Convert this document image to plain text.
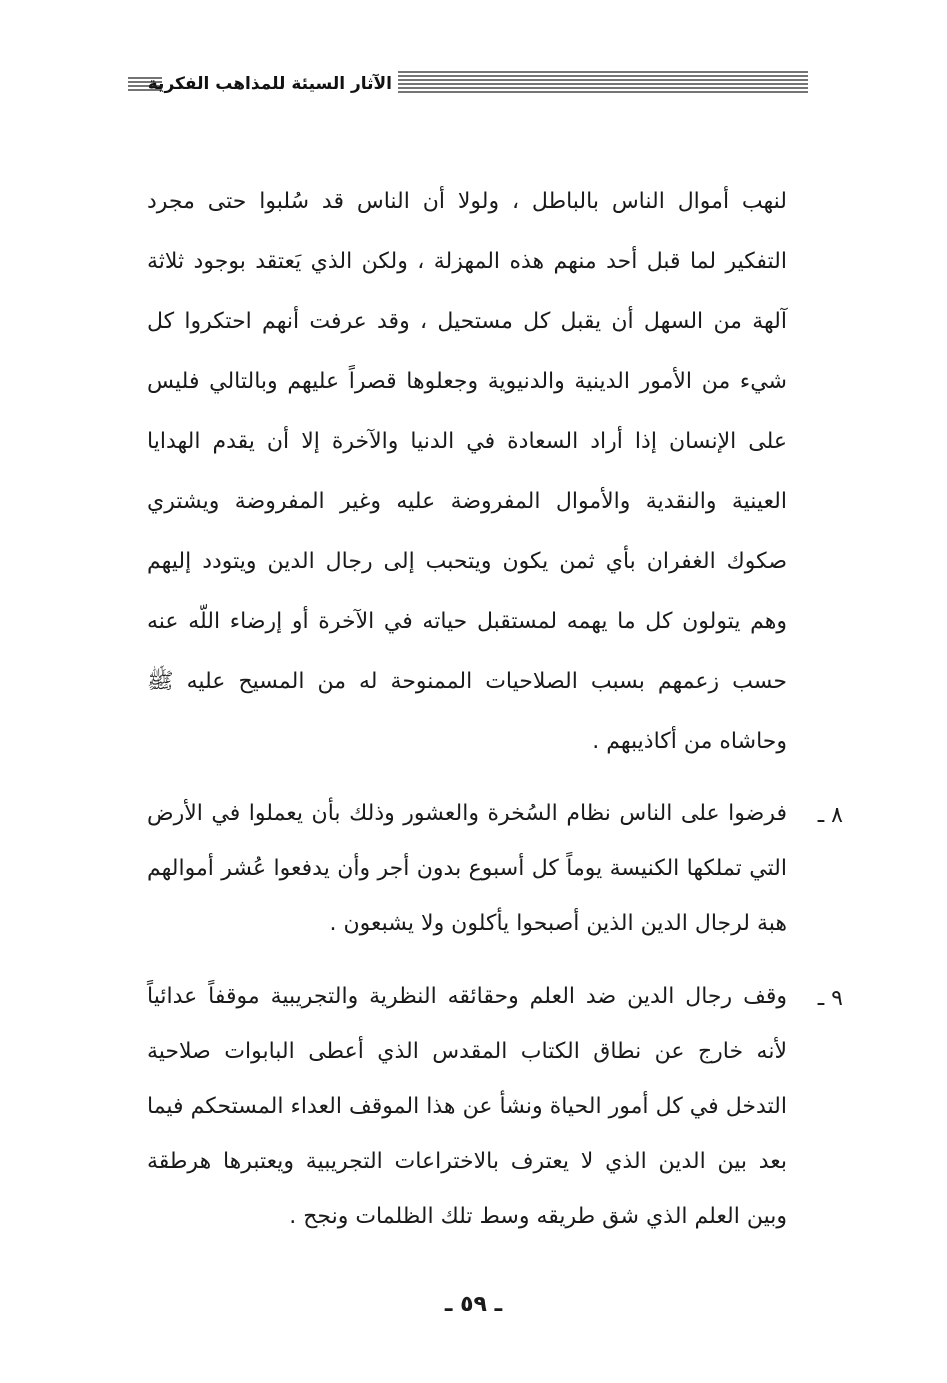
الآثار السيئة للمذاهب الفكرية

لنهب أموال الناس بالباطل ، ولولا أن الناس قد سُلبوا حتى مجرد التفكير لما قبل أحد منهم هذه المهزلة ، ولكن الذي يَعتقد بوجود ثلاثة آلهة من السهل أن يقبل كل مستحيل ، وقد عرفت أنهم احتكروا كل شيء من الأمور الدينية والدنيوية وجعلوها قصراً عليهم وبالتالي فليس على الإنسان إذا أراد السعادة في الدنيا والآخرة إلا أن يقدم الهدايا العينية والنقدية والأموال المفروضة عليه وغير المفروضة ويشتري صكوك الغفران بأي ثمن يكون ويتحبب إلى رجال الدين ويتودد إليهم وهم يتولون كل ما يهمه لمستقبل حياته في الآخرة أو إرضاء اللّه عنه حسب زعمهم بسبب الصلاحيات الممنوحة له من المسيح عليه ﷺ وحاشاه من أكاذيبهم .

٨ ـ

فرضوا على الناس نظام السُخرة والعشور وذلك بأن يعملوا في الأرض التي تملكها الكنيسة يوماً كل أسبوع بدون أجر وأن يدفعوا عُشر أموالهم هبة لرجال الدين الذين أصبحوا يأكلون ولا يشبعون .

٩ ـ

وقف رجال الدين ضد العلم وحقائقه النظرية والتجريبية موقفاً عدائياً لأنه خارج عن نطاق الكتاب المقدس الذي أعطى البابوات صلاحية التدخل في كل أمور الحياة ونشأ عن هذا الموقف العداء المستحكم فيما بعد بين الدين الذي لا يعترف بالاختراعات التجريبية ويعتبرها هرطقة وبين العلم الذي شق طريقه وسط تلك الظلمات ونجح .

ـ ٥٩ ـ
